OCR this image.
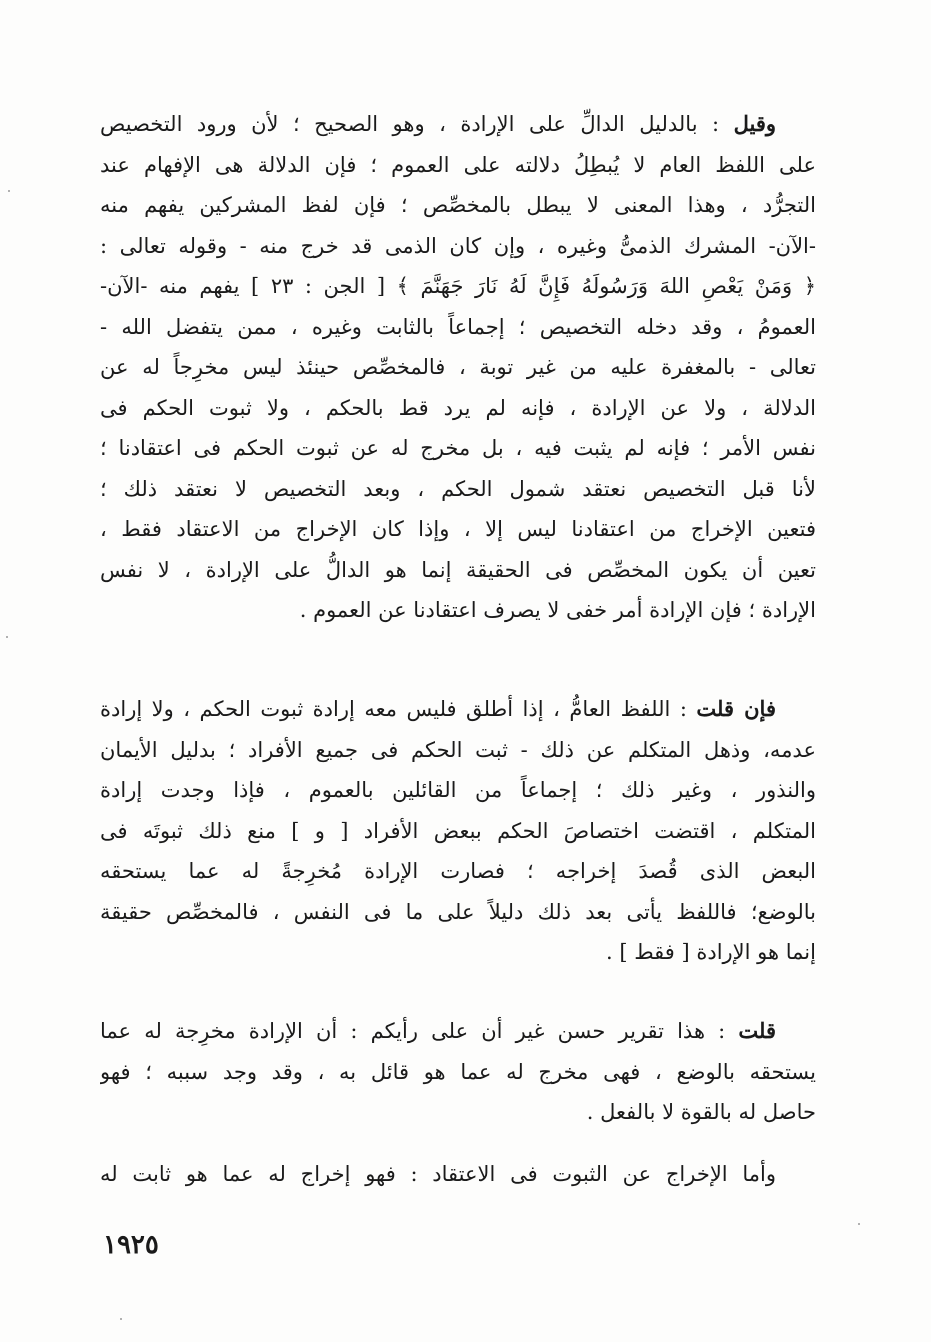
وقيل : بالدليل الدالِّ على الإرادة ، وهو الصحيح ؛ لأن ورود التخصيص
على اللفظ العام لا يُبطِلُ دلالته على العموم ؛ فإن الدلالة هى الإفهام عند
التجرُّد ، وهذا المعنى لا يبطل بالمخصِّص ؛ فإن لفظ المشركين يفهم منه
-الآن- المشرك الذمىُّ وغيره ، وإن كان الذمى قد خرج منه - وقوله تعالى :
﴿ وَمَنْ يَعْصِ اللهَ وَرَسُولَهُ فَإِنَّ لَهُ نَارَ جَهَنَّمَ ﴾ [ الجن : ٢٣ ] يفهم منه -الآن-
العمومُ ، وقد دخله التخصيص ؛ إجماعاً بالثابت وغيره ، ممن يتفضل الله -
تعالى - بالمغفرة عليه من غير توبة ، فالمخصِّص حينئذ ليس مخرِجاً له عن
الدلالة ، ولا عن الإرادة ، فإنه لم يرد قط بالحكم ، ولا ثبوت الحكم فى
نفس الأمر ؛ فإنه لم يثبت فيه ، بل مخرج له عن ثبوت الحكم فى اعتقادنا ؛
لأنا قبل التخصيص نعتقد شمول الحكم ، وبعد التخصيص لا نعتقد ذلك ؛
فتعين الإخراج من اعتقادنا ليس إلا ، وإذا كان الإخراج من الاعتقاد فقط ،
تعين أن يكون المخصِّص فى الحقيقة إنما هو الدالُّ على الإرادة ، لا نفس
الإرادة ؛ فإن الإرادة أمر خفى لا يصرف اعتقادنا عن العموم .

فإن قلت : اللفظ العامُّ ، إذا أطلق فليس معه إرادة ثبوت الحكم ، ولا إرادة
عدمه، وذهل المتكلم عن ذلك - ثبت الحكم فى جميع الأفراد ؛ بدليل الأيمان
والنذور ، وغير ذلك ؛ إجماعاً من القائلين بالعموم ، فإذا وجدت إرادة
المتكلم ، اقتضت اختصاصَ الحكم ببعض الأفراد [ و ] منع ذلك ثبوتَه فى
البعض الذى قُصدَ إخراجه ؛ فصارت الإرادة مُخرِجةً له عما يستحقه
بالوضع؛ فاللفظ يأتى بعد ذلك دليلاً على ما فى النفس ، فالمخصِّص حقيقة
إنما هو الإرادة [ فقط ] .

قلت : هذا تقرير حسن غير أن على رأيكم : أن الإرادة مخرِجة له عما
يستحقه بالوضع ، فهى مخرج له عما هو قائل به ، وقد وجد سببه ؛ فهو
حاصل له بالقوة لا بالفعل .

وأما الإخراج عن الثبوت فى الاعتقاد : فهو إخراج له عما هو ثابت له

١٩٢٥
